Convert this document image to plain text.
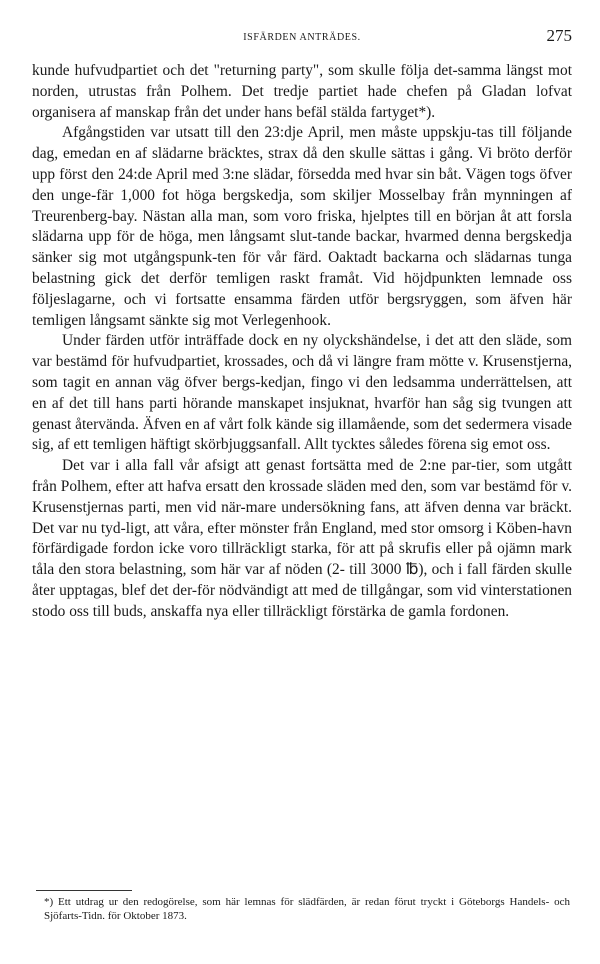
ISFÄRDEN ANTRÄDES.	275

kunde hufvudpartiet och det "returning party", som skulle följa det-samma längst mot norden, utrustas från Polhem. Det tredje partiet hade chefen på Gladan lofvat organisera af manskap från det under hans befäl stälda fartyget*).

Afgångstiden var utsatt till den 23:dje April, men måste uppskju-tas till följande dag, emedan en af slädarne bräcktes, strax då den skulle sättas i gång. Vi bröto derför upp först den 24:de April med 3:ne slädar, försedda med hvar sin båt. Vägen togs öfver den unge-fär 1,000 fot höga bergskedja, som skiljer Mosselbay från mynningen af Treurenberg-bay. Nästan alla man, som voro friska, hjelptes till en början åt att forsla slädarna upp för de höga, men långsamt slut-tande backar, hvarmed denna bergskedja sänker sig mot utgångspunk-ten för vår färd. Oaktadt backarna och slädarnas tunga belastning gick det derför temligen raskt framåt. Vid höjdpunkten lemnade oss följeslagarne, och vi fortsatte ensamma färden utför bergsryggen, som äfven här temligen långsamt sänkte sig mot Verlegenhook.

Under färden utför inträffade dock en ny olyckshändelse, i det att den släde, som var bestämd för hufvudpartiet, krossades, och då vi längre fram mötte v. Krusenstjerna, som tagit en annan väg öfver bergs-kedjan, fingo vi den ledsamma underrättelsen, att en af det till hans parti hörande manskapet insjuknat, hvarför han såg sig tvungen att genast återvända. Äfven en af vårt folk kände sig illamående, som det sedermera visade sig, af ett temligen häftigt skörbjuggsanfall. Allt tycktes således förena sig emot oss.

Det var i alla fall vår afsigt att genast fortsätta med de 2:ne par-tier, som utgått från Polhem, efter att hafva ersatt den krossade släden med den, som var bestämd för v. Krusenstjernas parti, men vid när-mare undersökning fans, att äfven denna var bräckt. Det var nu tyd-ligt, att våra, efter mönster från England, med stor omsorg i Köben-havn förfärdigade fordon icke voro tillräckligt starka, för att på skrufis eller på ojämn mark tåla den stora belastning, som här var af nöden (2- till 3000 ℔), och i fall färden skulle åter upptagas, blef det der-för nödvändigt att med de tillgångar, som vid vinterstationen stodo oss till buds, anskaffa nya eller tillräckligt förstärka de gamla fordonen.

*) Ett utdrag ur den redogörelse, som här lemnas för slädfärden, är redan förut tryckt i Göteborgs Handels- och Sjöfarts-Tidn. för Oktober 1873.
